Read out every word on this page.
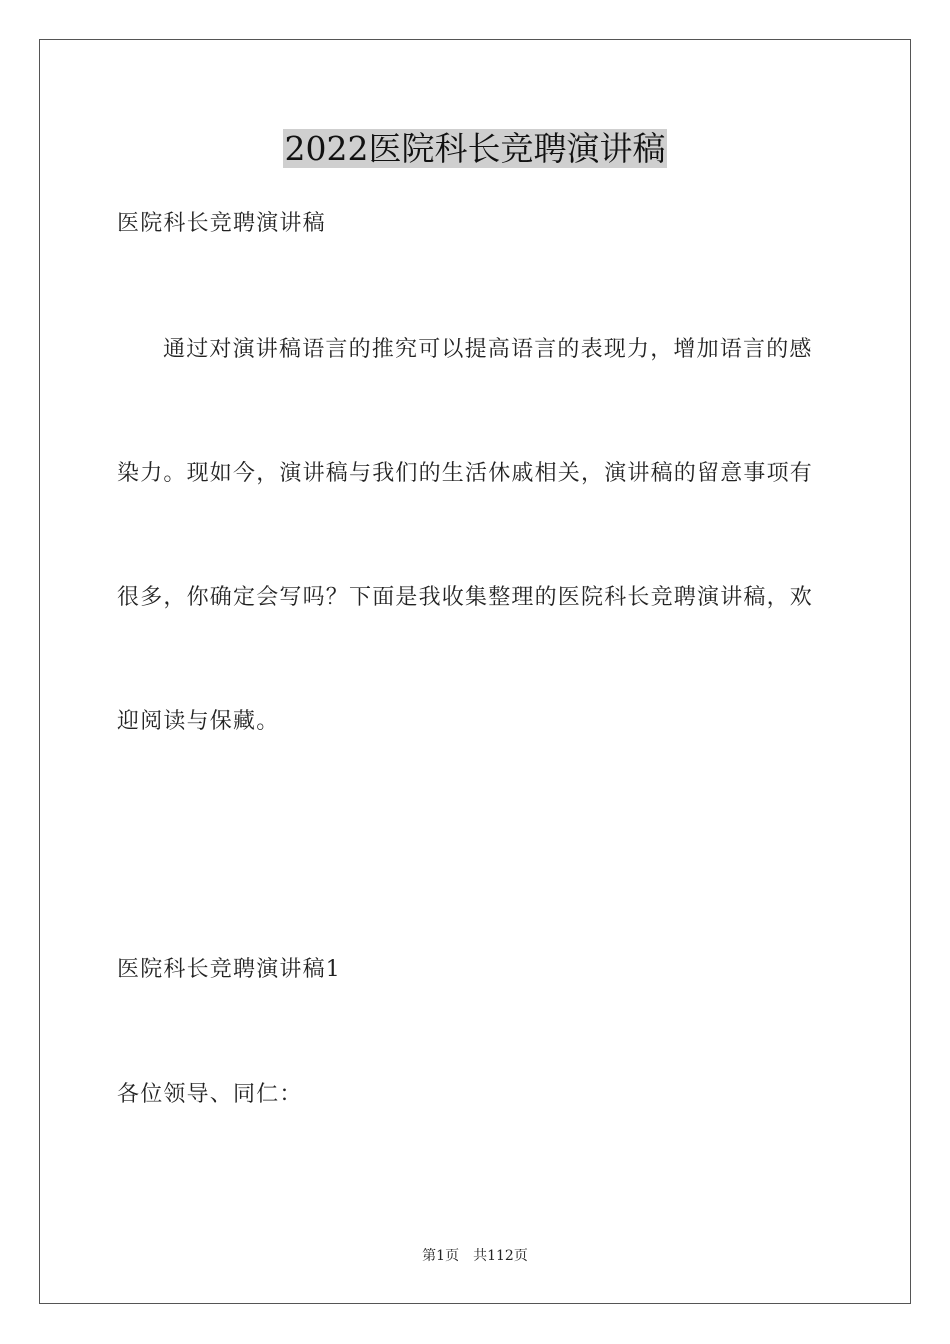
2022医院科长竞聘演讲稿

医院科长竞聘演讲稿

通过对演讲稿语言的推究可以提高语言的表现力，增加语言的感

染力。现如今，演讲稿与我们的生活休戚相关，演讲稿的留意事项有

很多，你确定会写吗？下面是我收集整理的医院科长竞聘演讲稿，欢

迎阅读与保藏。

医院科长竞聘演讲稿1

各位领导、同仁：

第1页 共112页
